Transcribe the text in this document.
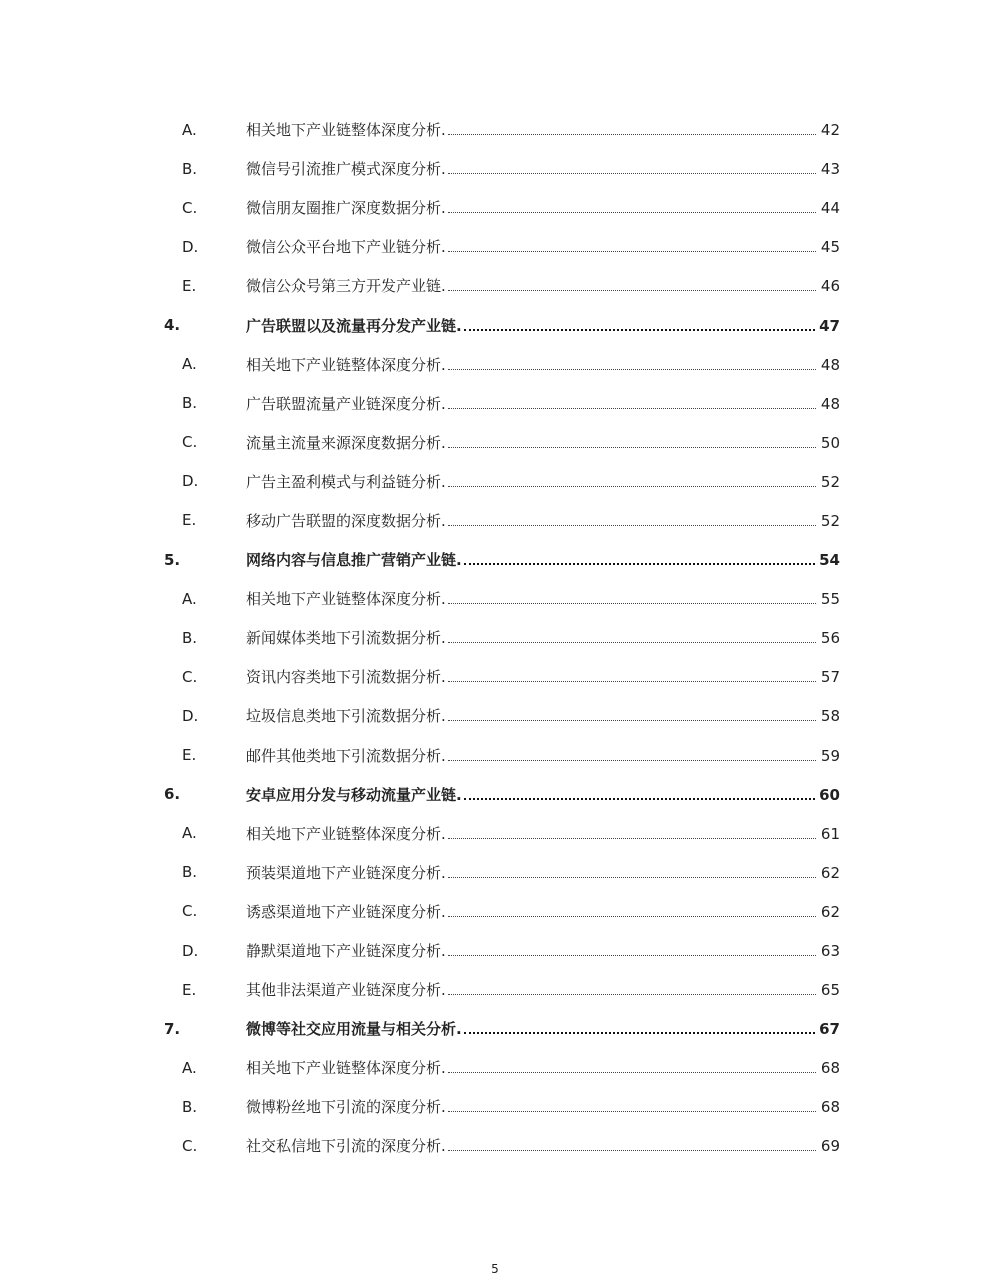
A.	相关地下产业链整体深度分析.	42
B.	微信号引流推广模式深度分析.	43
C.	微信朋友圈推广深度数据分析.	44
D.	微信公众平台地下产业链分析.	45
E.	微信公众号第三方开发产业链.	46
4.	广告联盟以及流量再分发产业链.	47
A.	相关地下产业链整体深度分析.	48
B.	广告联盟流量产业链深度分析.	48
C.	流量主流量来源深度数据分析.	50
D.	广告主盈利模式与利益链分析.	52
E.	移动广告联盟的深度数据分析.	52
5.	网络内容与信息推广营销产业链.	54
A.	相关地下产业链整体深度分析.	55
B.	新闻媒体类地下引流数据分析.	56
C.	资讯内容类地下引流数据分析.	57
D.	垃圾信息类地下引流数据分析.	58
E.	邮件其他类地下引流数据分析.	59
6.	安卓应用分发与移动流量产业链.	60
A.	相关地下产业链整体深度分析.	61
B.	预装渠道地下产业链深度分析.	62
C.	诱惑渠道地下产业链深度分析.	62
D.	静默渠道地下产业链深度分析.	63
E.	其他非法渠道产业链深度分析.	65
7.	微博等社交应用流量与相关分析.	67
A.	相关地下产业链整体深度分析.	68
B.	微博粉丝地下引流的深度分析.	68
C.	社交私信地下引流的深度分析.	69
5
